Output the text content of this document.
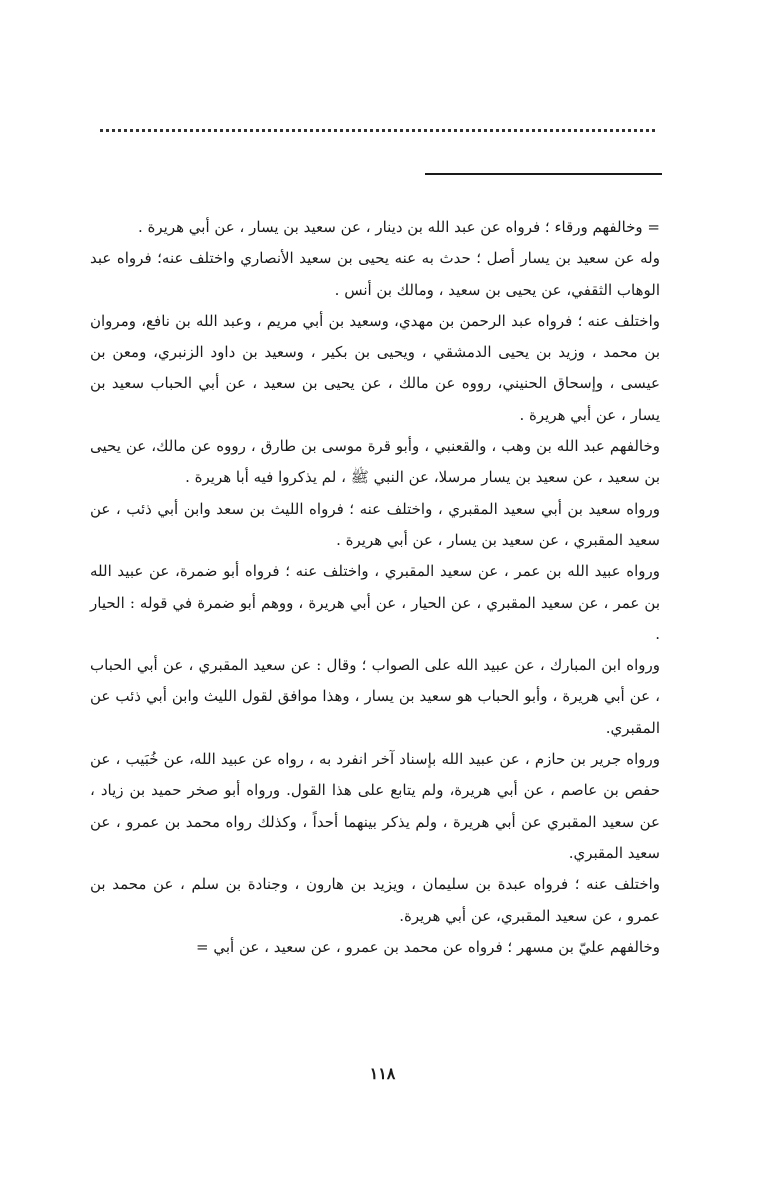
= وخالفهم ورقاء ؛ فرواه عن عبد الله بن دينار ، عن سعيد بن يسار ، عن أبي هريرة .

وله عن سعيد بن يسار أصل ؛ حدث به عنه يحيى بن سعيد الأنصاري واختلف عنه؛ فرواه عبد الوهاب الثقفي، عن يحيى بن سعيد ، ومالك بن أنس .

واختلف عنه ؛ فرواه عبد الرحمن بن مهدي، وسعيد بن أبي مريم ، وعبد الله بن نافع، ومروان بن محمد ، وزيد بن يحيى الدمشقي ، ويحيى بن بكير ، وسعيد بن داود الزنبري، ومعن بن عيسى ، وإسحاق الحنيني، رووه عن مالك ، عن يحيى بن سعيد ، عن أبي الحباب سعيد بن يسار ، عن أبي هريرة .

وخالفهم عبد الله بن وهب ، والقعنبي ، وأبو قرة موسى بن طارق ، رووه عن مالك، عن يحيى بن سعيد ، عن سعيد بن يسار مرسلا، عن النبي ﷺ ، لم يذكروا فيه أبا هريرة .

ورواه سعيد بن أبي سعيد المقبري ، واختلف عنه ؛ فرواه الليث بن سعد وابن أبي ذئب ، عن سعيد المقبري ، عن سعيد بن يسار ، عن أبي هريرة .

ورواه عبيد الله بن عمر ، عن سعيد المقبري ، واختلف عنه ؛ فرواه أبو ضمرة، عن عبيد الله بن عمر ، عن سعيد المقبري ، عن الحيار ، عن أبي هريرة ، ووهم أبو ضمرة في قوله : الحيار .

ورواه ابن المبارك ، عن عبيد الله على الصواب ؛ وقال : عن سعيد المقبري ، عن أبي الحباب ، عن أبي هريرة ، وأبو الحباب هو سعيد بن يسار ، وهذا موافق لقول الليث وابن أبي ذئب عن المقبري.

ورواه جرير بن حازم ، عن عبيد الله بإسناد آخر انفرد به ، رواه عن عبيد الله، عن خُبَيب ، عن حفص بن عاصم ، عن أبي هريرة، ولم يتابع على هذا القول. ورواه أبو صخر حميد بن زياد ، عن سعيد المقبري عن أبي هريرة ، ولم يذكر بينهما أحداً ، وكذلك رواه محمد بن عمرو ، عن سعيد المقبري.

واختلف عنه ؛ فرواه عبدة بن سليمان ، ويزيد بن هارون ، وجنادة بن سلم ، عن محمد بن عمرو ، عن سعيد المقبري، عن أبي هريرة.

وخالفهم عليّ بن مسهر ؛ فرواه عن محمد بن عمرو ، عن سعيد ، عن أبي =

١١٨
